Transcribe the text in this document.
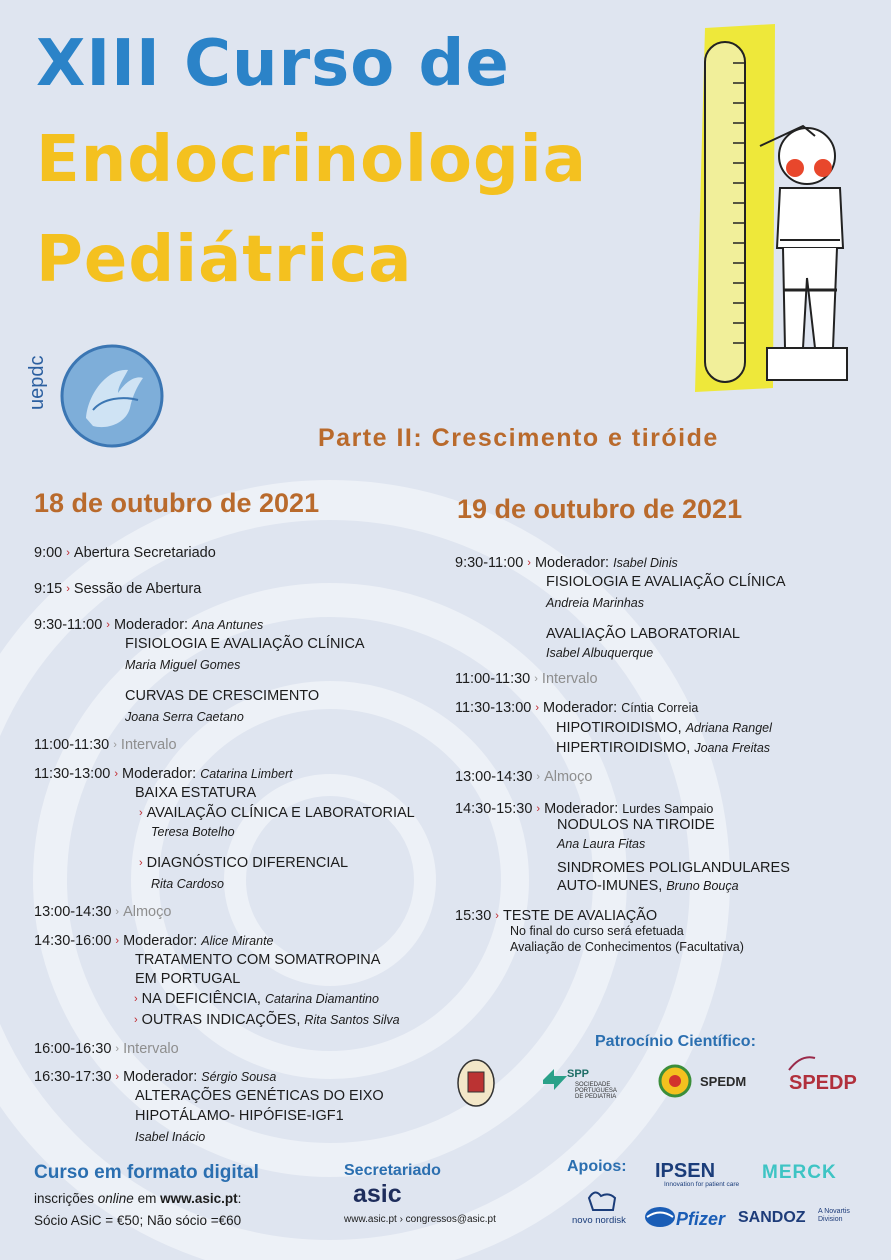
XIII Curso de
Endocrinologia
Pediátrica
uepdc
Parte II: Crescimento e tiróide
18 de outubro de 2021
9:00 › Abertura Secretariado
9:15 › Sessão de Abertura
9:30-11:00 › Moderador: Ana Antunes
FISIOLOGIA E AVALIAÇÃO CLÍNICA
Maria Miguel Gomes
CURVAS DE CRESCIMENTO
Joana Serra Caetano
11:00-11:30 › Intervalo
11:30-13:00 › Moderador: Catarina Limbert
BAIXA ESTATURA
› AVAILAÇÃO CLÍNICA E LABORATORIAL
Teresa Botelho
› DIAGNÓSTICO DIFERENCIAL
Rita Cardoso
13:00-14:30 › Almoço
14:30-16:00 › Moderador: Alice Mirante
TRATAMENTO COM SOMATROPINA
EM PORTUGAL
› NA DEFICIÊNCIA, Catarina Diamantino
› OUTRAS INDICAÇÕES, Rita Santos Silva
16:00-16:30 › Intervalo
16:30-17:30 › Moderador: Sérgio Sousa
ALTERAÇÕES GENÉTICAS DO EIXO
HIPOTÁLAMO- HIPÓFISE-IGF1
Isabel Inácio
19 de outubro de 2021
9:30-11:00 › Moderador: Isabel Dinis
FISIOLOGIA E AVALIAÇÃO CLÍNICA
Andreia Marinhas
AVALIAÇÃO LABORATORIAL
Isabel Albuquerque
11:00-11:30 › Intervalo
11:30-13:00 › Moderador: Cíntia Correia
HIPOTIROIDISMO, Adriana Rangel
HIPERTIROIDISMO, Joana Freitas
13:00-14:30 › Almoço
14:30-15:30 › Moderador: Lurdes Sampaio
NODULOS NA TIROIDE
Ana Laura Fitas
SINDROMES POLIGLANDULARES
AUTO-IMUNES, Bruno Bouça
15:30 › TESTE DE AVALIAÇÃO
No final do curso será efetuada
Avaliação de Conhecimentos (Facultativa)
Patrocínio Científico:
SPP
SOCIEDADE
PORTUGUESA
DE PEDIATRIA
SPEDM SPEDP
Curso em formato digital
inscrições online em www.asic.pt:
Sócio ASiC = €50; Não sócio =€60
Secretariado
asic
www.asic.pt › congressos@asic.pt
Apoios: IPSEN
Innovation for patient care
MERCK
novo nordisk	Pfizer SANDOZ A Novartis
Division
